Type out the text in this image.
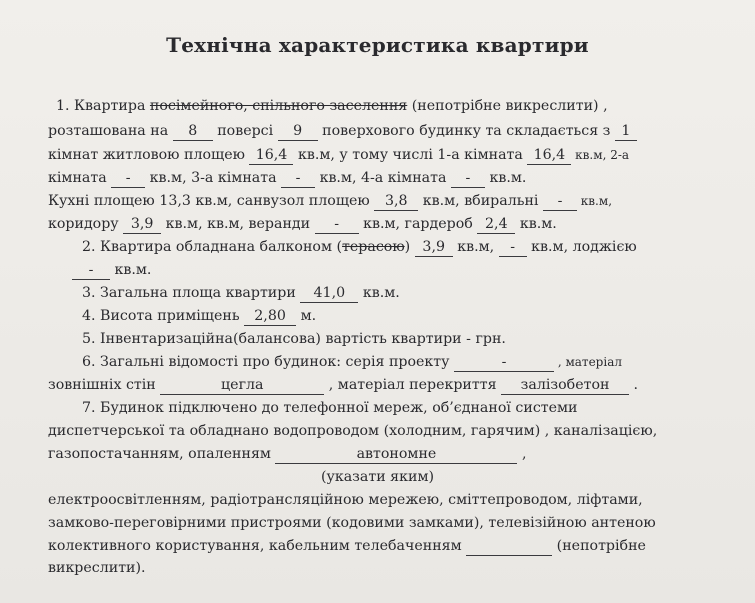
Технічна характеристика квартири
1. Квартира посімейного, спільного заселення (непотрібне викреслити) ,
розташована на 8 поверсі 9 поверхового будинку та складається з 1
кімнат житловою площею 16,4 кв.м, у тому числі 1-а кімната 16,4 кв.м, 2-а
кімната - кв.м, 3-а кімната - кв.м, 4-а кімната - кв.м.
Кухні площею 13,3 кв.м, санвузол площею 3,8 кв.м, вбиральні - кв.м,
коридору 3,9 кв.м, кв.м, веранди - кв.м, гардероб 2,4 кв.м.
2. Квартира обладнана балконом (терасою) 3,9 кв.м, - кв.м, лоджією
- кв.м.
3. Загальна площа квартири 41,0 кв.м.
4. Висота приміщень 2,80 м.
5. Інвентаризаційна(балансова) вартість квартири - грн.
6. Загальні відомості про будинок: серія проекту	-	, матеріал
зовнішніх стін	цегла	, матеріал перекриття залізобетон .
7. Будинок підключено до телефонної мереж, об’єднаної системи
диспетчерської та обладнано водопроводом (холодним, гарячим) , каналізацією,
газопостачанням, опаленням	автономне	,
(указати яким)
електроосвітленням, радіотрансляційною мережею, сміттепроводом, ліфтами,
замково-переговірними пристроями (кодовими замками), телевізійною антеною
колективного користування, кабельним телебаченням	(непотрібне
викреслити).
